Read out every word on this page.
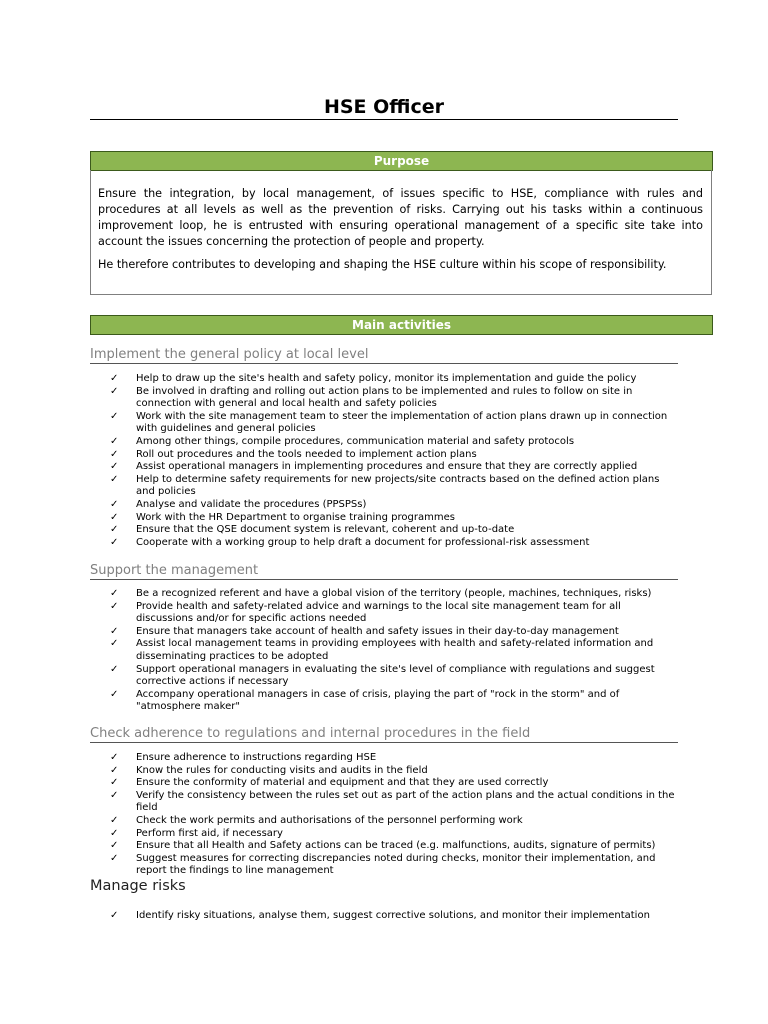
HSE Officer
Purpose

Ensure the integration, by local management, of issues specific to HSE, compliance with rules and procedures at all levels as well as the prevention of risks. Carrying out his tasks within a continuous improvement loop, he is entrusted with ensuring operational management of a specific site take into account the issues concerning the protection of people and property.

He therefore contributes to developing and shaping the HSE culture within his scope of responsibility.

Main activities
Implement the general policy at local level
✓ Help to draw up the site's health and safety policy, monitor its implementation and guide the policy
✓ Be involved in drafting and rolling out action plans to be implemented and rules to follow on site in connection with general and local health and safety policies
✓ Work with the site management team to steer the implementation of action plans drawn up in connection with guidelines and general policies
✓ Among other things, compile procedures, communication material and safety protocols
✓ Roll out procedures and the tools needed to implement action plans
✓ Assist operational managers in implementing procedures and ensure that they are correctly applied
✓ Help to determine safety requirements for new projects/site contracts based on the defined action plans and policies
✓ Analyse and validate the procedures (PPSPSs)
✓ Work with the HR Department to organise training programmes
✓ Ensure that the QSE document system is relevant, coherent and up-to-date
✓ Cooperate with a working group to help draft a document for professional-risk assessment
Support the management
✓ Be a recognized referent and have a global vision of the territory (people, machines, techniques, risks)
✓ Provide health and safety-related advice and warnings to the local site management team for all discussions and/or for specific actions needed
✓ Ensure that managers take account of health and safety issues in their day-to-day management
✓ Assist local management teams in providing employees with health and safety-related information and disseminating practices to be adopted
✓ Support operational managers in evaluating the site's level of compliance with regulations and suggest corrective actions if necessary
✓ Accompany operational managers in case of crisis, playing the part of "rock in the storm" and of "atmosphere maker"
Check adherence to regulations and internal procedures in the field
✓ Ensure adherence to instructions regarding HSE
✓ Know the rules for conducting visits and audits in the field
✓ Ensure the conformity of material and equipment and that they are used correctly
✓ Verify the consistency between the rules set out as part of the action plans and the actual conditions in the field
✓ Check the work permits and authorisations of the personnel performing work
✓ Perform first aid, if necessary
✓ Ensure that all Health and Safety actions can be traced (e.g. malfunctions, audits, signature of permits)
✓ Suggest measures for correcting discrepancies noted during checks, monitor their implementation, and report the findings to line management
Manage risks
✓ Identify risky situations, analyse them, suggest corrective solutions, and monitor their implementation
